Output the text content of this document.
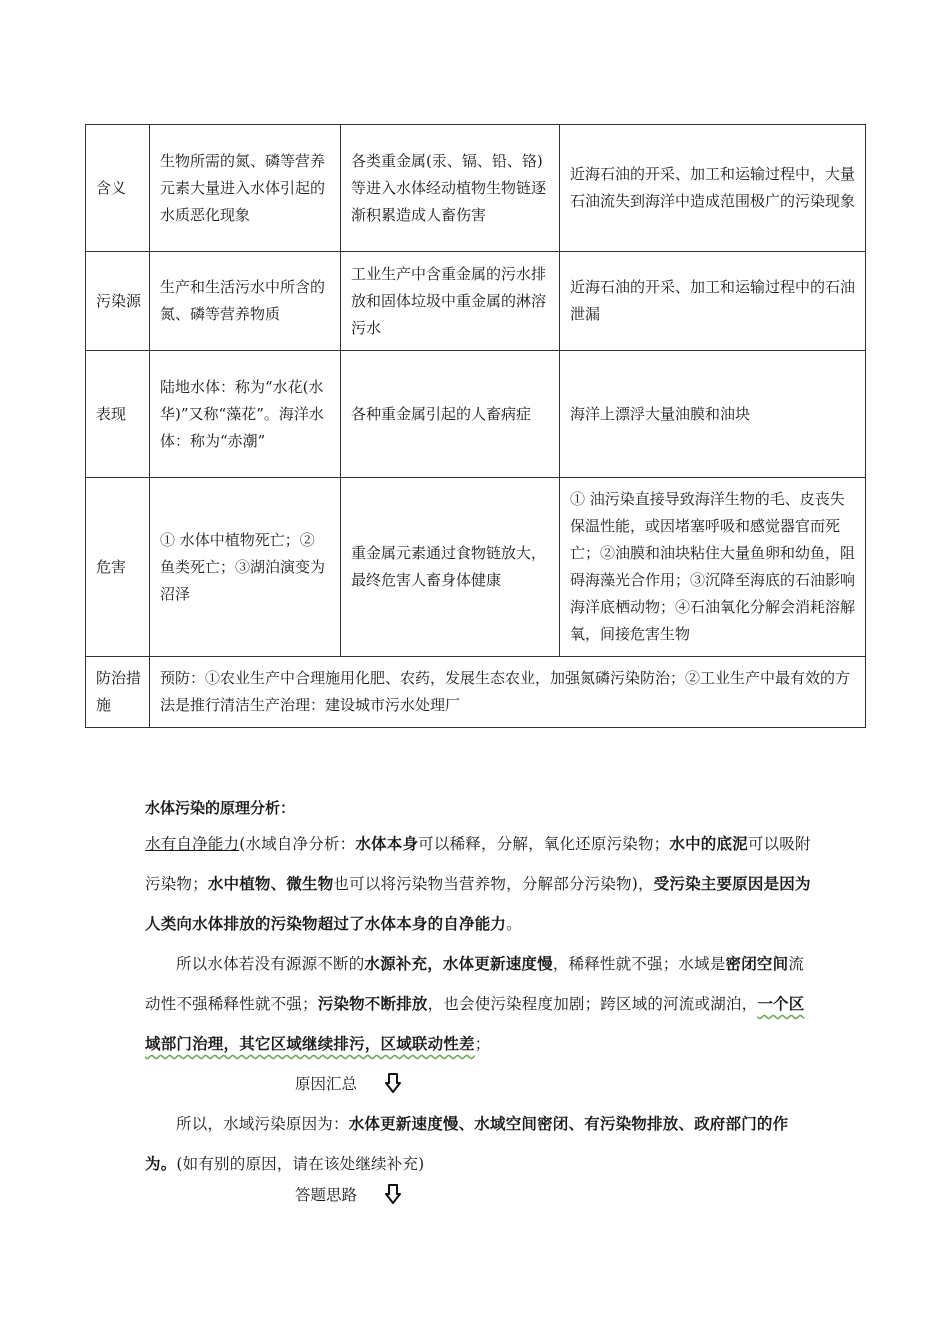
含义	生物所需的氮、磷等营养元素大量进入水体引起的水质恶化现象	各类重金属(汞、镉、铅、铬)等进入水体经动植物生物链逐渐积累造成人畜伤害	近海石油的开采、加工和运输过程中，大量石油流失到海洋中造成范围极广的污染现象
污染源	生产和生活污水中所含的氮、磷等营养物质	工业生产中含重金属的污水排放和固体垃圾中重金属的淋溶污水	近海石油的开采、加工和运输过程中的石油泄漏
表现	陆地水体：称为“水花(水华)”又称“藻花”。海洋水体：称为“赤潮”	各种重金属引起的人畜病症	海洋上漂浮大量油膜和油块
危害	① 水体中植物死亡；② 鱼类死亡；③湖泊演变为沼泽	重金属元素通过食物链放大，最终危害人畜身体健康	① 油污染直接导致海洋生物的毛、皮丧失保温性能，或因堵塞呼吸和感觉器官而死亡；②油膜和油块粘住大量鱼卵和幼鱼，阻碍海藻光合作用；③沉降至海底的石油影响海洋底栖动物；④石油氧化分解会消耗溶解氧，间接危害生物
防治措施	预防：①农业生产中合理施用化肥、农药，发展生态农业，加强氮磷污染防治；②工业生产中最有效的方法是推行清洁生产治理：建设城市污水处理厂		
水体污染的原理分析：
水有自净能力(水域自净分析：水体本身可以稀释，分解，氧化还原污染物；水中的底泥可以吸附污染物；水中植物、微生物也可以将污染物当营养物，分解部分污染物)，受污染主要原因是因为人类向水体排放的污染物超过了水体本身的自净能力。
所以水体若没有源源不断的水源补充，水体更新速度慢，稀释性就不强；水域是密闭空间流动性不强稀释性就不强；污染物不断排放，也会使污染程度加剧；跨区域的河流或湖泊，一个区域部门治理，其它区域继续排污，区域联动性差；
原因汇总
所以，水域污染原因为：水体更新速度慢、水域空间密闭、有污染物排放、政府部门的作为。(如有别的原因，请在该处继续补充)
答题思路
